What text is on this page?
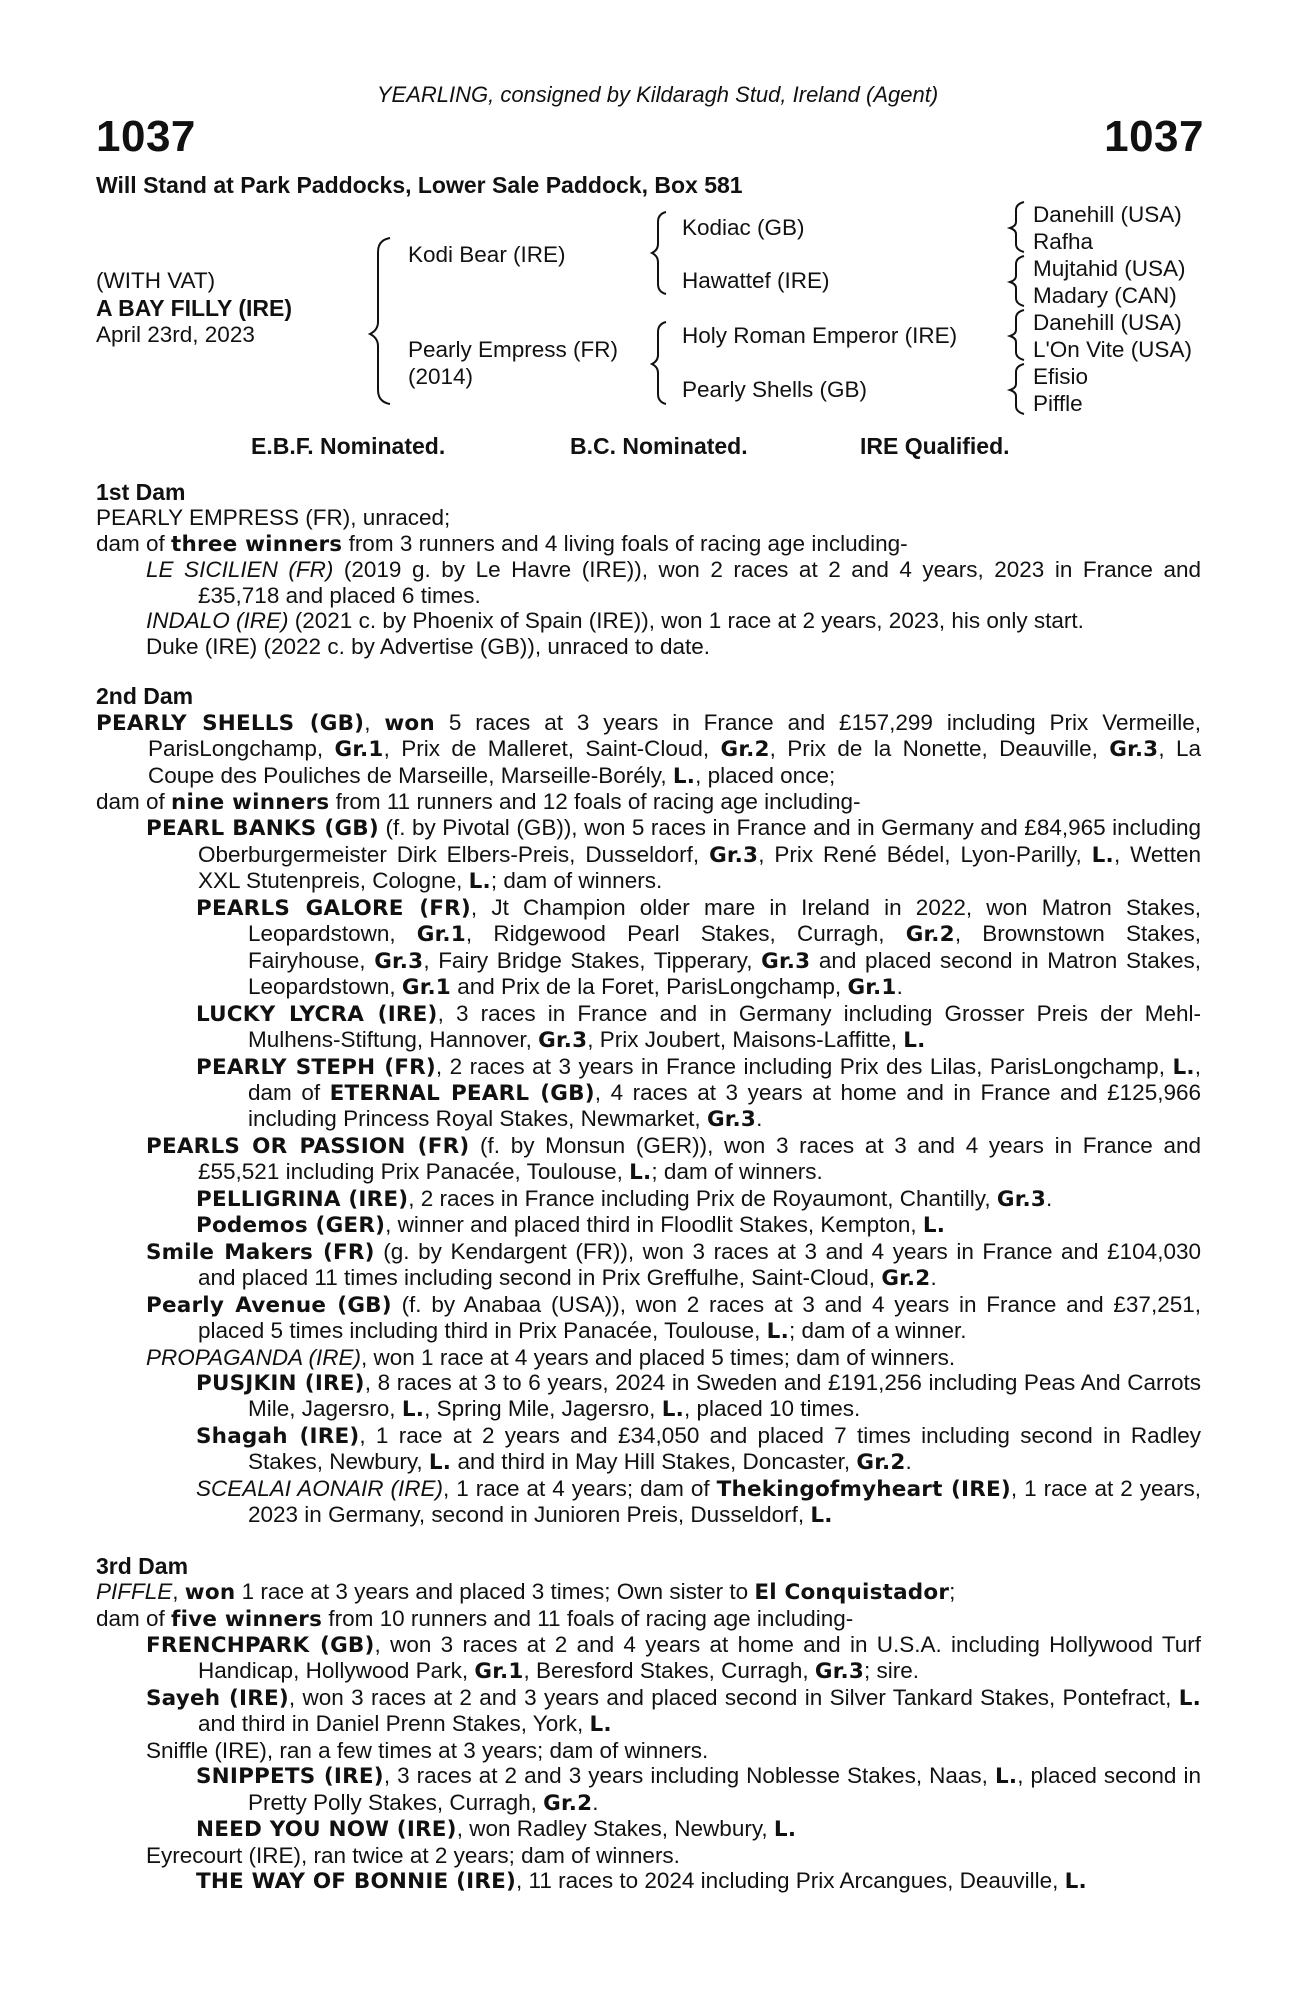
YEARLING, consigned by Kildaragh Stud, Ireland (Agent)
1037	1037
Will Stand at Park Paddocks, Lower Sale Paddock, Box 581
(WITH VAT)
A BAY FILLY (IRE)
April 23rd, 2023
Kodi Bear (IRE)
Pearly Empress (FR)
(2014)
Kodiac (GB)
Hawattef (IRE)
Holy Roman Emperor (IRE)
Pearly Shells (GB)
Danehill (USA)
Rafha
Mujtahid (USA)
Madary (CAN)
Danehill (USA)
L'On Vite (USA)
Efisio
Piffle
E.B.F. Nominated.	B.C. Nominated.	IRE Qualified.

1st Dam

PEARLY EMPRESS (FR), unraced;

dam of three winners from 3 runners and 4 living foals of racing age including-

LE SICILIEN (FR) (2019 g. by Le Havre (IRE)), won 2 races at 2 and 4 years, 2023 in France and £35,718 and placed 6 times.

INDALO (IRE) (2021 c. by Phoenix of Spain (IRE)), won 1 race at 2 years, 2023, his only start.

Duke (IRE) (2022 c. by Advertise (GB)), unraced to date.

2nd Dam

PEARLY SHELLS (GB), won 5 races at 3 years in France and £157,299 including Prix Vermeille, ParisLongchamp, Gr.1, Prix de Malleret, Saint-Cloud, Gr.2, Prix de la Nonette, Deauville, Gr.3, La Coupe des Pouliches de Marseille, Marseille-Borély, L., placed once;

dam of nine winners from 11 runners and 12 foals of racing age including-

PEARL BANKS (GB) (f. by Pivotal (GB)), won 5 races in France and in Germany and £84,965 including Oberburgermeister Dirk Elbers-Preis, Dusseldorf, Gr.3, Prix René Bédel, Lyon-Parilly, L., Wetten XXL Stutenpreis, Cologne, L.; dam of winners.

PEARLS GALORE (FR), Jt Champion older mare in Ireland in 2022, won Matron Stakes, Leopardstown, Gr.1, Ridgewood Pearl Stakes, Curragh, Gr.2, Brownstown Stakes, Fairyhouse, Gr.3, Fairy Bridge Stakes, Tipperary, Gr.3 and placed second in Matron Stakes, Leopardstown, Gr.1 and Prix de la Foret, ParisLongchamp, Gr.1.

LUCKY LYCRA (IRE), 3 races in France and in Germany including Grosser Preis der Mehl-Mulhens-Stiftung, Hannover, Gr.3, Prix Joubert, Maisons-Laffitte, L.

PEARLY STEPH (FR), 2 races at 3 years in France including Prix des Lilas, ParisLongchamp, L., dam of ETERNAL PEARL (GB), 4 races at 3 years at home and in France and £125,966 including Princess Royal Stakes, Newmarket, Gr.3.

PEARLS OR PASSION (FR) (f. by Monsun (GER)), won 3 races at 3 and 4 years in France and £55,521 including Prix Panacée, Toulouse, L.; dam of winners.

PELLIGRINA (IRE), 2 races in France including Prix de Royaumont, Chantilly, Gr.3.

Podemos (GER), winner and placed third in Floodlit Stakes, Kempton, L.

Smile Makers (FR) (g. by Kendargent (FR)), won 3 races at 3 and 4 years in France and £104,030 and placed 11 times including second in Prix Greffulhe, Saint-Cloud, Gr.2.

Pearly Avenue (GB) (f. by Anabaa (USA)), won 2 races at 3 and 4 years in France and £37,251, placed 5 times including third in Prix Panacée, Toulouse, L.; dam of a winner.

PROPAGANDA (IRE), won 1 race at 4 years and placed 5 times; dam of winners.

PUSJKIN (IRE), 8 races at 3 to 6 years, 2024 in Sweden and £191,256 including Peas And Carrots Mile, Jagersro, L., Spring Mile, Jagersro, L., placed 10 times.

Shagah (IRE), 1 race at 2 years and £34,050 and placed 7 times including second in Radley Stakes, Newbury, L. and third in May Hill Stakes, Doncaster, Gr.2.

SCEALAI AONAIR (IRE), 1 race at 4 years; dam of Thekingofmyheart (IRE), 1 race at 2 years, 2023 in Germany, second in Junioren Preis, Dusseldorf, L.

3rd Dam

PIFFLE, won 1 race at 3 years and placed 3 times; Own sister to El Conquistador;

dam of five winners from 10 runners and 11 foals of racing age including-

FRENCHPARK (GB), won 3 races at 2 and 4 years at home and in U.S.A. including Hollywood Turf Handicap, Hollywood Park, Gr.1, Beresford Stakes, Curragh, Gr.3; sire.

Sayeh (IRE), won 3 races at 2 and 3 years and placed second in Silver Tankard Stakes, Pontefract, L. and third in Daniel Prenn Stakes, York, L.

Sniffle (IRE), ran a few times at 3 years; dam of winners.

SNIPPETS (IRE), 3 races at 2 and 3 years including Noblesse Stakes, Naas, L., placed second in Pretty Polly Stakes, Curragh, Gr.2.

NEED YOU NOW (IRE), won Radley Stakes, Newbury, L.

Eyrecourt (IRE), ran twice at 2 years; dam of winners.

THE WAY OF BONNIE (IRE), 11 races to 2024 including Prix Arcangues, Deauville, L.
